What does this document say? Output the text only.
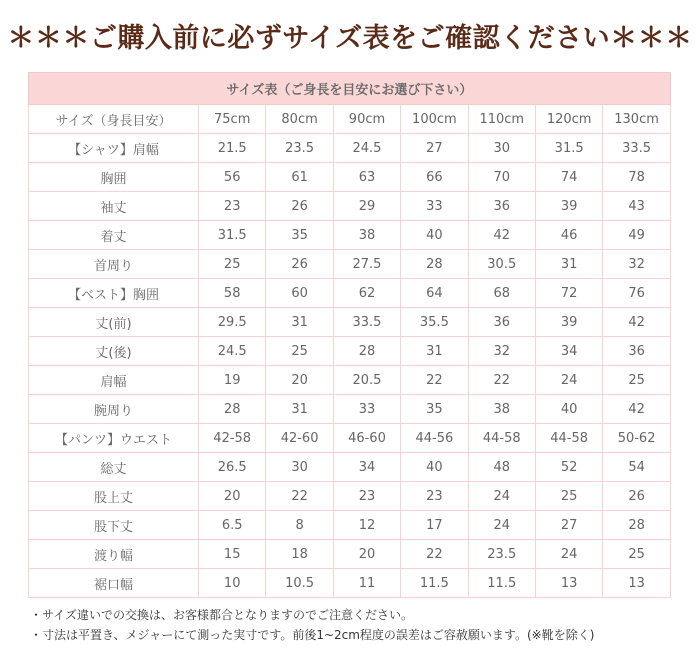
＊＊＊ご購入前に必ずサイズ表をご確認ください＊＊＊
サイズ表（ご身長を目安にお選び下さい）							
サイズ（身長目安）	75cm	80cm	90cm	100cm	110cm	120cm	130cm
【シャツ】肩幅	21.5	23.5	24.5	27	30	31.5	33.5
胸囲	56	61	63	66	70	74	78
袖丈	23	26	29	33	36	39	43
着丈	31.5	35	38	40	42	46	49
首周り	25	26	27.5	28	30.5	31	32
【ベスト】胸囲	58	60	62	64	68	72	76
丈(前)	29.5	31	33.5	35.5	36	39	42
丈(後)	24.5	25	28	31	32	34	36
肩幅	19	20	20.5	22	22	24	25
腕周り	28	31	33	35	38	40	42
【パンツ】ウエスト	42-58	42-60	46-60	44-56	44-58	44-58	50-62
総丈	26.5	30	34	40	48	52	54
股上丈	20	22	23	23	24	25	26
股下丈	6.5	8	12	17	24	27	28
渡り幅	15	18	20	22	23.5	24	25
裾口幅	10	10.5	11	11.5	11.5	13	13
・サイズ違いでの交換は、お客様都合となりますのでご注意ください。
・寸法は平置き、メジャーにて測った実寸です。前後1~2cm程度の誤差はご容赦願います。(※靴を除く)
